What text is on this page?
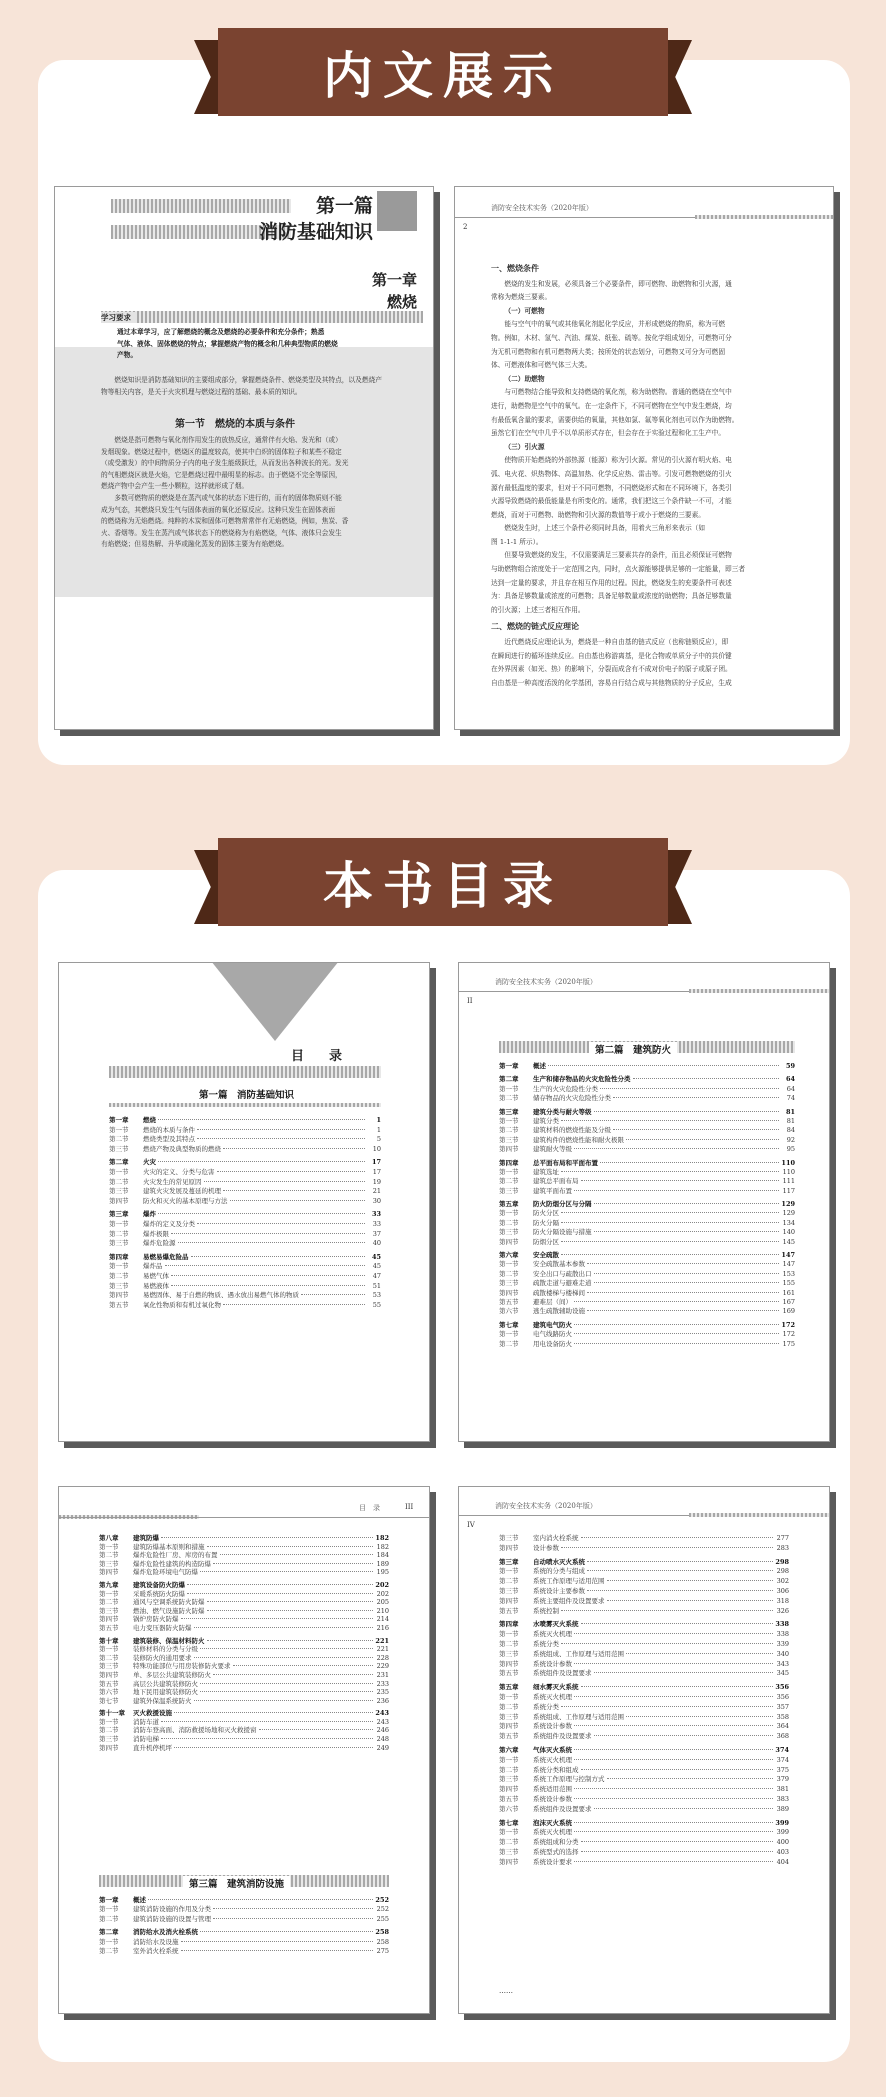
内文展示
第一篇
消防基础知识
第一章
燃烧
学习要求
通过本章学习，应了解燃烧的概念及燃烧的必要条件和充分条件；熟悉
气体、液体、固体燃烧的特点；掌握燃烧产物的概念和几种典型物质的燃烧
产物。
燃烧知识是消防基础知识的主要组成部分，掌握燃烧条件、燃烧类型及其特点，以及燃烧产
物等相关内容，是关于火灾机理与燃烧过程的基础、最本质的知识。
第一节　燃烧的本质与条件
燃烧是指可燃物与氧化剂作用发生的放热反应，通常伴有火焰、发光和（或）
发烟现象。燃烧过程中，燃烧区的温度较高，使其中白炽的固体粒子和某些不稳定
（或受激发）的中间物质分子内的电子发生能级跃迁，从而发出各种波长的光。发光
的气相燃烧区就是火焰，它是燃烧过程中最明显的标志。由于燃烧不完全等原因，
燃烧产物中会产生一些小颗粒，这样就形成了烟。
多数可燃物质的燃烧是在蒸汽或气体的状态下进行的，而有的固体物质则不能
成为气态，其燃烧只发生气与固体表面的氧化还原反应。这种只发生在固体表面
的燃烧称为无焰燃烧。纯粹的木炭和固体可燃物常常伴有无焰燃烧，例如，焦炭、香
火、香烟等。发生在蒸汽或气体状态下的燃烧称为有焰燃烧，气体、液体只会发生
有焰燃烧；但易热解、升华或融化蒸发的固体主要为有焰燃烧。
消防安全技术实务（2020年版）
2
一、燃烧条件
燃烧的发生和发展，必须具备三个必要条件，即可燃物、助燃物和引火源，通
常称为燃烧三要素。
（一）可燃物
能与空气中的氧气或其他氧化剂起化学反应，并形成燃烧的物质，称为可燃
物。例如，木材、氢气、汽油、煤炭、纸张、硫等。按化学组成划分，可燃物可分
为无机可燃物和有机可燃物两大类；按所处的状态划分，可燃物又可分为可燃固
体、可燃液体和可燃气体三大类。
（二）助燃物
与可燃物结合能导致和支持燃烧的氧化剂，称为助燃物。普通的燃烧在空气中
进行，助燃物是空气中的氧气。在一定条件下，不同可燃物在空气中发生燃烧，均
有最低氧含量的要求，需要供给的氧量，其他如氯、氟等氧化剂也可以作为助燃物。
虽然它们在空气中几乎不以单质形式存在，但会存在于实验过程和化工生产中。
（三）引火源
使物质开始燃烧的外部热源（能源）称为引火源。常见的引火源有明火焰、电
弧、电火花、炽热物体、高温加热、化学反应热、雷击等。引发可燃物燃烧的引火
源有最低温度的要求，但对于不同可燃物，不同燃烧形式和在不同环境下，各类引
火源导致燃烧的最低能量是有所变化的。通常，我们把这三个条件缺一不可，才能
燃烧，而对于可燃物、助燃物和引火源的数值等于或小于燃烧的三要素。
燃烧发生时，上述三个条件必须同时具备，用着火三角形来表示（如
图 1-1-1 所示）。
但要导致燃烧的发生，不仅需要满足三要素共存的条件，而且必须保证可燃物
与助燃物组合浓度处于一定范围之内，同时，点火源能够提供足够的一定能量，即三者
达到一定量的要求，并且存在相互作用的过程。因此，燃烧发生的充要条件可表述
为：具备足够数量或浓度的可燃物；具备足够数量或浓度的助燃物；具备足够数量
的引火源；上述三者相互作用。
二、燃烧的链式反应理论
近代燃烧反应理论认为，燃烧是一种自由基的链式反应（也称链锁反应），即
在瞬间进行的循环连续反应。自由基也称游离基，是化合物或单质分子中的共价键
在外界因素（如光、热）的影响下，分裂而成含有不成对价电子的原子或原子团。
自由基是一种高度活泼的化学基团，容易自行结合成与其他物质的分子反应，生成
本书目录
目　录
第一篇　消防基础知识
第一章	燃烧	1
第一节	燃烧的本质与条件	1
第二节	燃烧类型及其特点	5
第三节	燃烧产物及典型物质的燃烧	10
第二章	火灾	17
第一节	火灾的定义、分类与危害	17
第二节	火灾发生的常见原因	19
第三节	建筑火灾发展及蔓延的机理	21
第四节	防火和灭火的基本原理与方法	30
第三章	爆炸	33
第一节	爆炸的定义及分类	33
第二节	爆炸极限	37
第三节	爆炸危险源	40
第四章	易燃易爆危险品	45
第一节	爆炸品	45
第二节	易燃气体	47
第三节	易燃液体	51
第四节	易燃固体、易于自燃的物质、遇水放出易燃气体的物质	53
第五节	氧化性物质和有机过氧化物	55
消防安全技术实务（2020年版）
II
第二篇　建筑防火
第一章	概述	59
第二章	生产和储存物品的火灾危险性分类	64
第一节	生产的火灾危险性分类	64
第二节	储存物品的火灾危险性分类	74
第三章	建筑分类与耐火等级	81
第一节	建筑分类	81
第二节	建筑材料的燃烧性能及分级	84
第三节	建筑构件的燃烧性能和耐火极限	92
第四节	建筑耐火等级	95
第四章	总平面布局和平面布置	110
第一节	建筑选址	110
第二节	建筑总平面布局	111
第三节	建筑平面布置	117
第五章	防火防烟分区与分隔	129
第一节	防火分区	129
第二节	防火分隔	134
第三节	防火分隔设施与措施	140
第四节	防烟分区	145
第六章	安全疏散	147
第一节	安全疏散基本参数	147
第二节	安全出口与疏散出口	153
第三节	疏散走道与避难走道	155
第四节	疏散楼梯与楼梯间	161
第五节	避难层（间）	167
第六节	逃生疏散辅助设施	169
第七章	建筑电气防火	172
第一节	电气线路防火	172
第二节	用电设备防火	175
目　录	III
第八章	建筑防爆	182
第一节	建筑防爆基本原则和措施	182
第二节	爆炸危险性厂房、库房的布置	184
第三节	爆炸危险性建筑的构造防爆	189
第四节	爆炸危险环境电气防爆	195
第九章	建筑设备防火防爆	202
第一节	采暖系统防火防爆	202
第二节	通风与空调系统防火防爆	205
第三节	燃油、燃气设施防火防爆	210
第四节	锅炉房防火防爆	214
第五节	电力变压器防火防爆	216
第十章	建筑装修、保温材料防火	221
第一节	装修材料的分类与分级	221
第二节	装修防火的通用要求	228
第三节	特殊功能部位与用房装修防火要求	229
第四节	单、多层公共建筑装修防火	231
第五节	高层公共建筑装修防火	233
第六节	地下民用建筑装修防火	235
第七节	建筑外保温系统防火	236
第十一章	灭火救援设施	243
第一节	消防车道	243
第二节	消防车登高面、消防救援场地和灭火救援窗	246
第三节	消防电梯	248
第四节	直升机停机坪	249
第三篇　建筑消防设施
第一章	概述	252
第一节	建筑消防设施的作用及分类	252
第二节	建筑消防设施的设置与管理	255
第二章	消防给水及消火栓系统	258
第一节	消防给水及设施	258
第二节	室外消火栓系统	275
消防安全技术实务（2020年版）
IV
第三节	室内消火栓系统	277
第四节	设计参数	283
第三章	自动喷水灭火系统	298
第一节	系统的分类与组成	298
第二节	系统工作原理与适用范围	302
第三节	系统设计主要参数	306
第四节	系统主要组件及设置要求	318
第五节	系统控制	326
第四章	水喷雾灭火系统	338
第一节	系统灭火机理	338
第二节	系统分类	339
第三节	系统组成、工作原理与适用范围	340
第四节	系统设计参数	343
第五节	系统组件及设置要求	345
第五章	细水雾灭火系统	356
第一节	系统灭火机理	356
第二节	系统分类	357
第三节	系统组成、工作原理与适用范围	358
第四节	系统设计参数	364
第五节	系统组件及设置要求	368
第六章	气体灭火系统	374
第一节	系统灭火机理	374
第二节	系统分类和组成	375
第三节	系统工作原理与控制方式	379
第四节	系统适用范围	381
第五节	系统设计参数	383
第六节	系统组件及设置要求	389
第七章	泡沫灭火系统	399
第一节	系统灭火机理	399
第二节	系统组成和分类	400
第三节	系统型式的选择	403
第四节	系统设计要求	404
……
